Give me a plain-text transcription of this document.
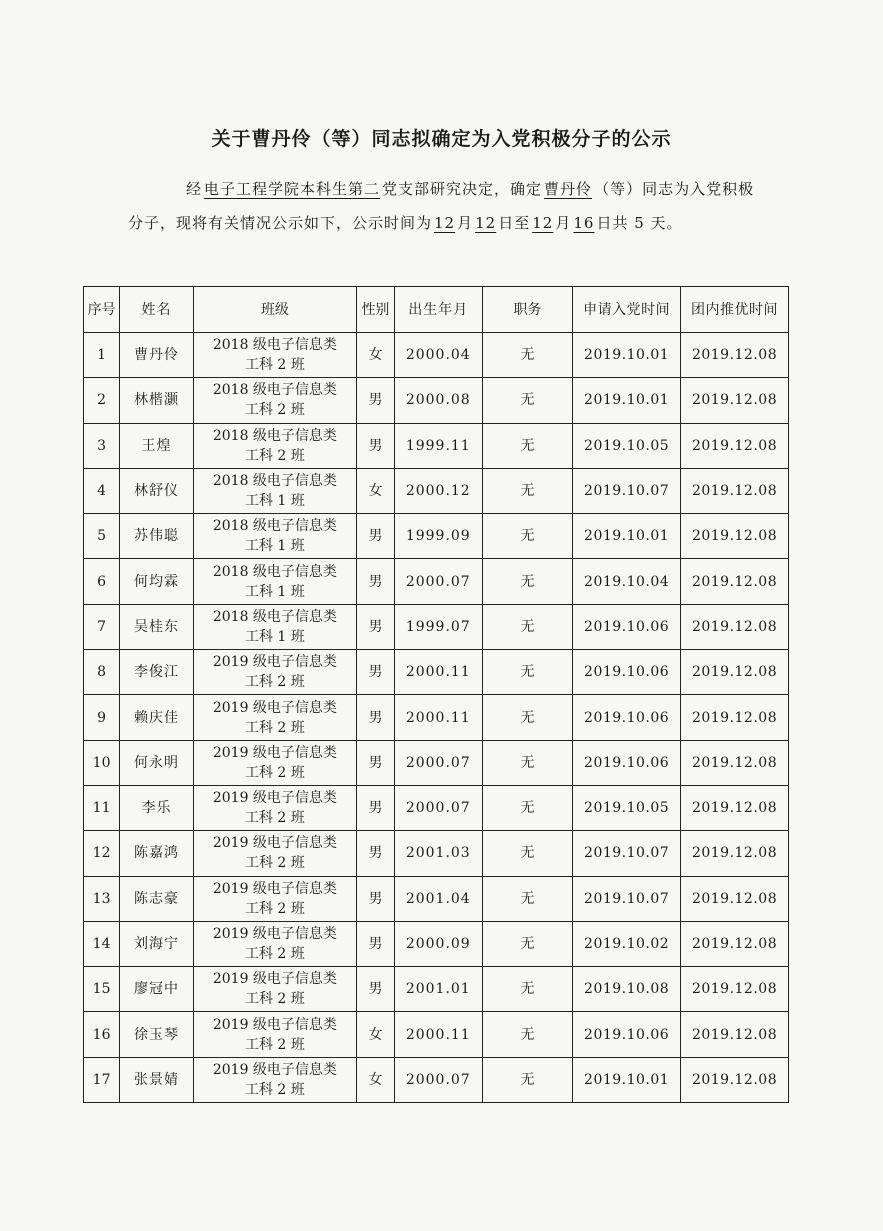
关于曹丹伶（等）同志拟确定为入党积极分子的公示
经 电子工程学院本科生第二 党支部研究决定，确定 曹丹伶 （等）同志为入党积极分子，现将有关情况公示如下，公示时间为 12 月 12 日至 12 月 16 日共 5 天。
序号	姓名	班级	性别	出生年月	职务	申请入党时间	团内推优时间
1	曹丹伶	2018 级电子信息类
工科 2 班	女	2000.04	无	2019.10.01	2019.12.08
2	林楷灏	2018 级电子信息类
工科 2 班	男	2000.08	无	2019.10.01	2019.12.08
3	王煌	2018 级电子信息类
工科 2 班	男	1999.11	无	2019.10.05	2019.12.08
4	林舒仪	2018 级电子信息类
工科 1 班	女	2000.12	无	2019.10.07	2019.12.08
5	苏伟聪	2018 级电子信息类
工科 1 班	男	1999.09	无	2019.10.01	2019.12.08
6	何均霖	2018 级电子信息类
工科 1 班	男	2000.07	无	2019.10.04	2019.12.08
7	吴桂东	2018 级电子信息类
工科 1 班	男	1999.07	无	2019.10.06	2019.12.08
8	李俊江	2019 级电子信息类
工科 2 班	男	2000.11	无	2019.10.06	2019.12.08
9	赖庆佳	2019 级电子信息类
工科 2 班	男	2000.11	无	2019.10.06	2019.12.08
10	何永明	2019 级电子信息类
工科 2 班	男	2000.07	无	2019.10.06	2019.12.08
11	李乐	2019 级电子信息类
工科 2 班	男	2000.07	无	2019.10.05	2019.12.08
12	陈嘉鸿	2019 级电子信息类
工科 2 班	男	2001.03	无	2019.10.07	2019.12.08
13	陈志豪	2019 级电子信息类
工科 2 班	男	2001.04	无	2019.10.07	2019.12.08
14	刘海宁	2019 级电子信息类
工科 2 班	男	2000.09	无	2019.10.02	2019.12.08
15	廖冠中	2019 级电子信息类
工科 2 班	男	2001.01	无	2019.10.08	2019.12.08
16	徐玉琴	2019 级电子信息类
工科 2 班	女	2000.11	无	2019.10.06	2019.12.08
17	张景婧	2019 级电子信息类
工科 2 班	女	2000.07	无	2019.10.01	2019.12.08
